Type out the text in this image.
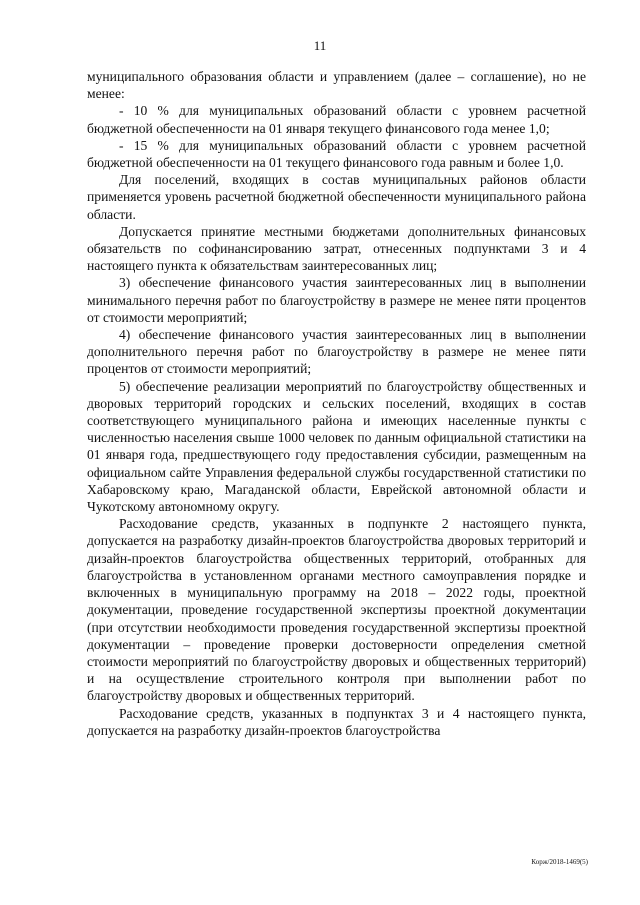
11

муниципального образования области и управлением (далее – соглашение), но не менее:

- 10 % для муниципальных образований области с уровнем расчетной бюджетной обеспеченности на 01 января текущего финансового года менее 1,0;

- 15 % для муниципальных образований области с уровнем расчетной бюджетной обеспеченности на 01 текущего финансового года равным и более 1,0.

Для поселений, входящих в состав муниципальных районов области применяется уровень расчетной бюджетной обеспеченности муниципального района области.

Допускается принятие местными бюджетами дополнительных финансовых обязательств по софинансированию затрат, отнесенных подпунктами 3 и 4 настоящего пункта к обязательствам заинтересованных лиц;

3) обеспечение финансового участия заинтересованных лиц в выполнении минимального перечня работ по благоустройству в размере не менее пяти процентов от стоимости мероприятий;

4) обеспечение финансового участия заинтересованных лиц в выполнении дополнительного перечня работ по благоустройству в размере не менее пяти процентов от стоимости мероприятий;

5) обеспечение реализации мероприятий по благоустройству общественных и дворовых территорий городских и сельских поселений, входящих в состав соответствующего муниципального района и имеющих населенные пункты с численностью населения свыше 1000 человек по данным официальной статистики на 01 января года, предшествующего году предоставления субсидии, размещенным на официальном сайте Управления федеральной службы государственной статистики по Хабаровскому краю, Магаданской области, Еврейской автономной области и Чукотскому автономному округу.

Расходование средств, указанных в подпункте 2 настоящего пункта, допускается на разработку дизайн-проектов благоустройства дворовых территорий и дизайн-проектов благоустройства общественных территорий, отобранных для благоустройства в установленном органами местного самоуправления порядке и включенных в муниципальную программу на 2018 – 2022 годы, проектной документации, проведение государственной экспертизы проектной документации (при отсутствии необходимости проведения государственной экспертизы проектной документации – проведение проверки достоверности определения сметной стоимости мероприятий по благоустройству дворовых и общественных территорий) и на осуществление строительного контроля при выполнении работ по благоустройству дворовых и общественных территорий.

Расходование средств, указанных в подпунктах 3 и 4 настоящего пункта, допускается на разработку дизайн-проектов благоустройства

Корж/2018-1469(5)
